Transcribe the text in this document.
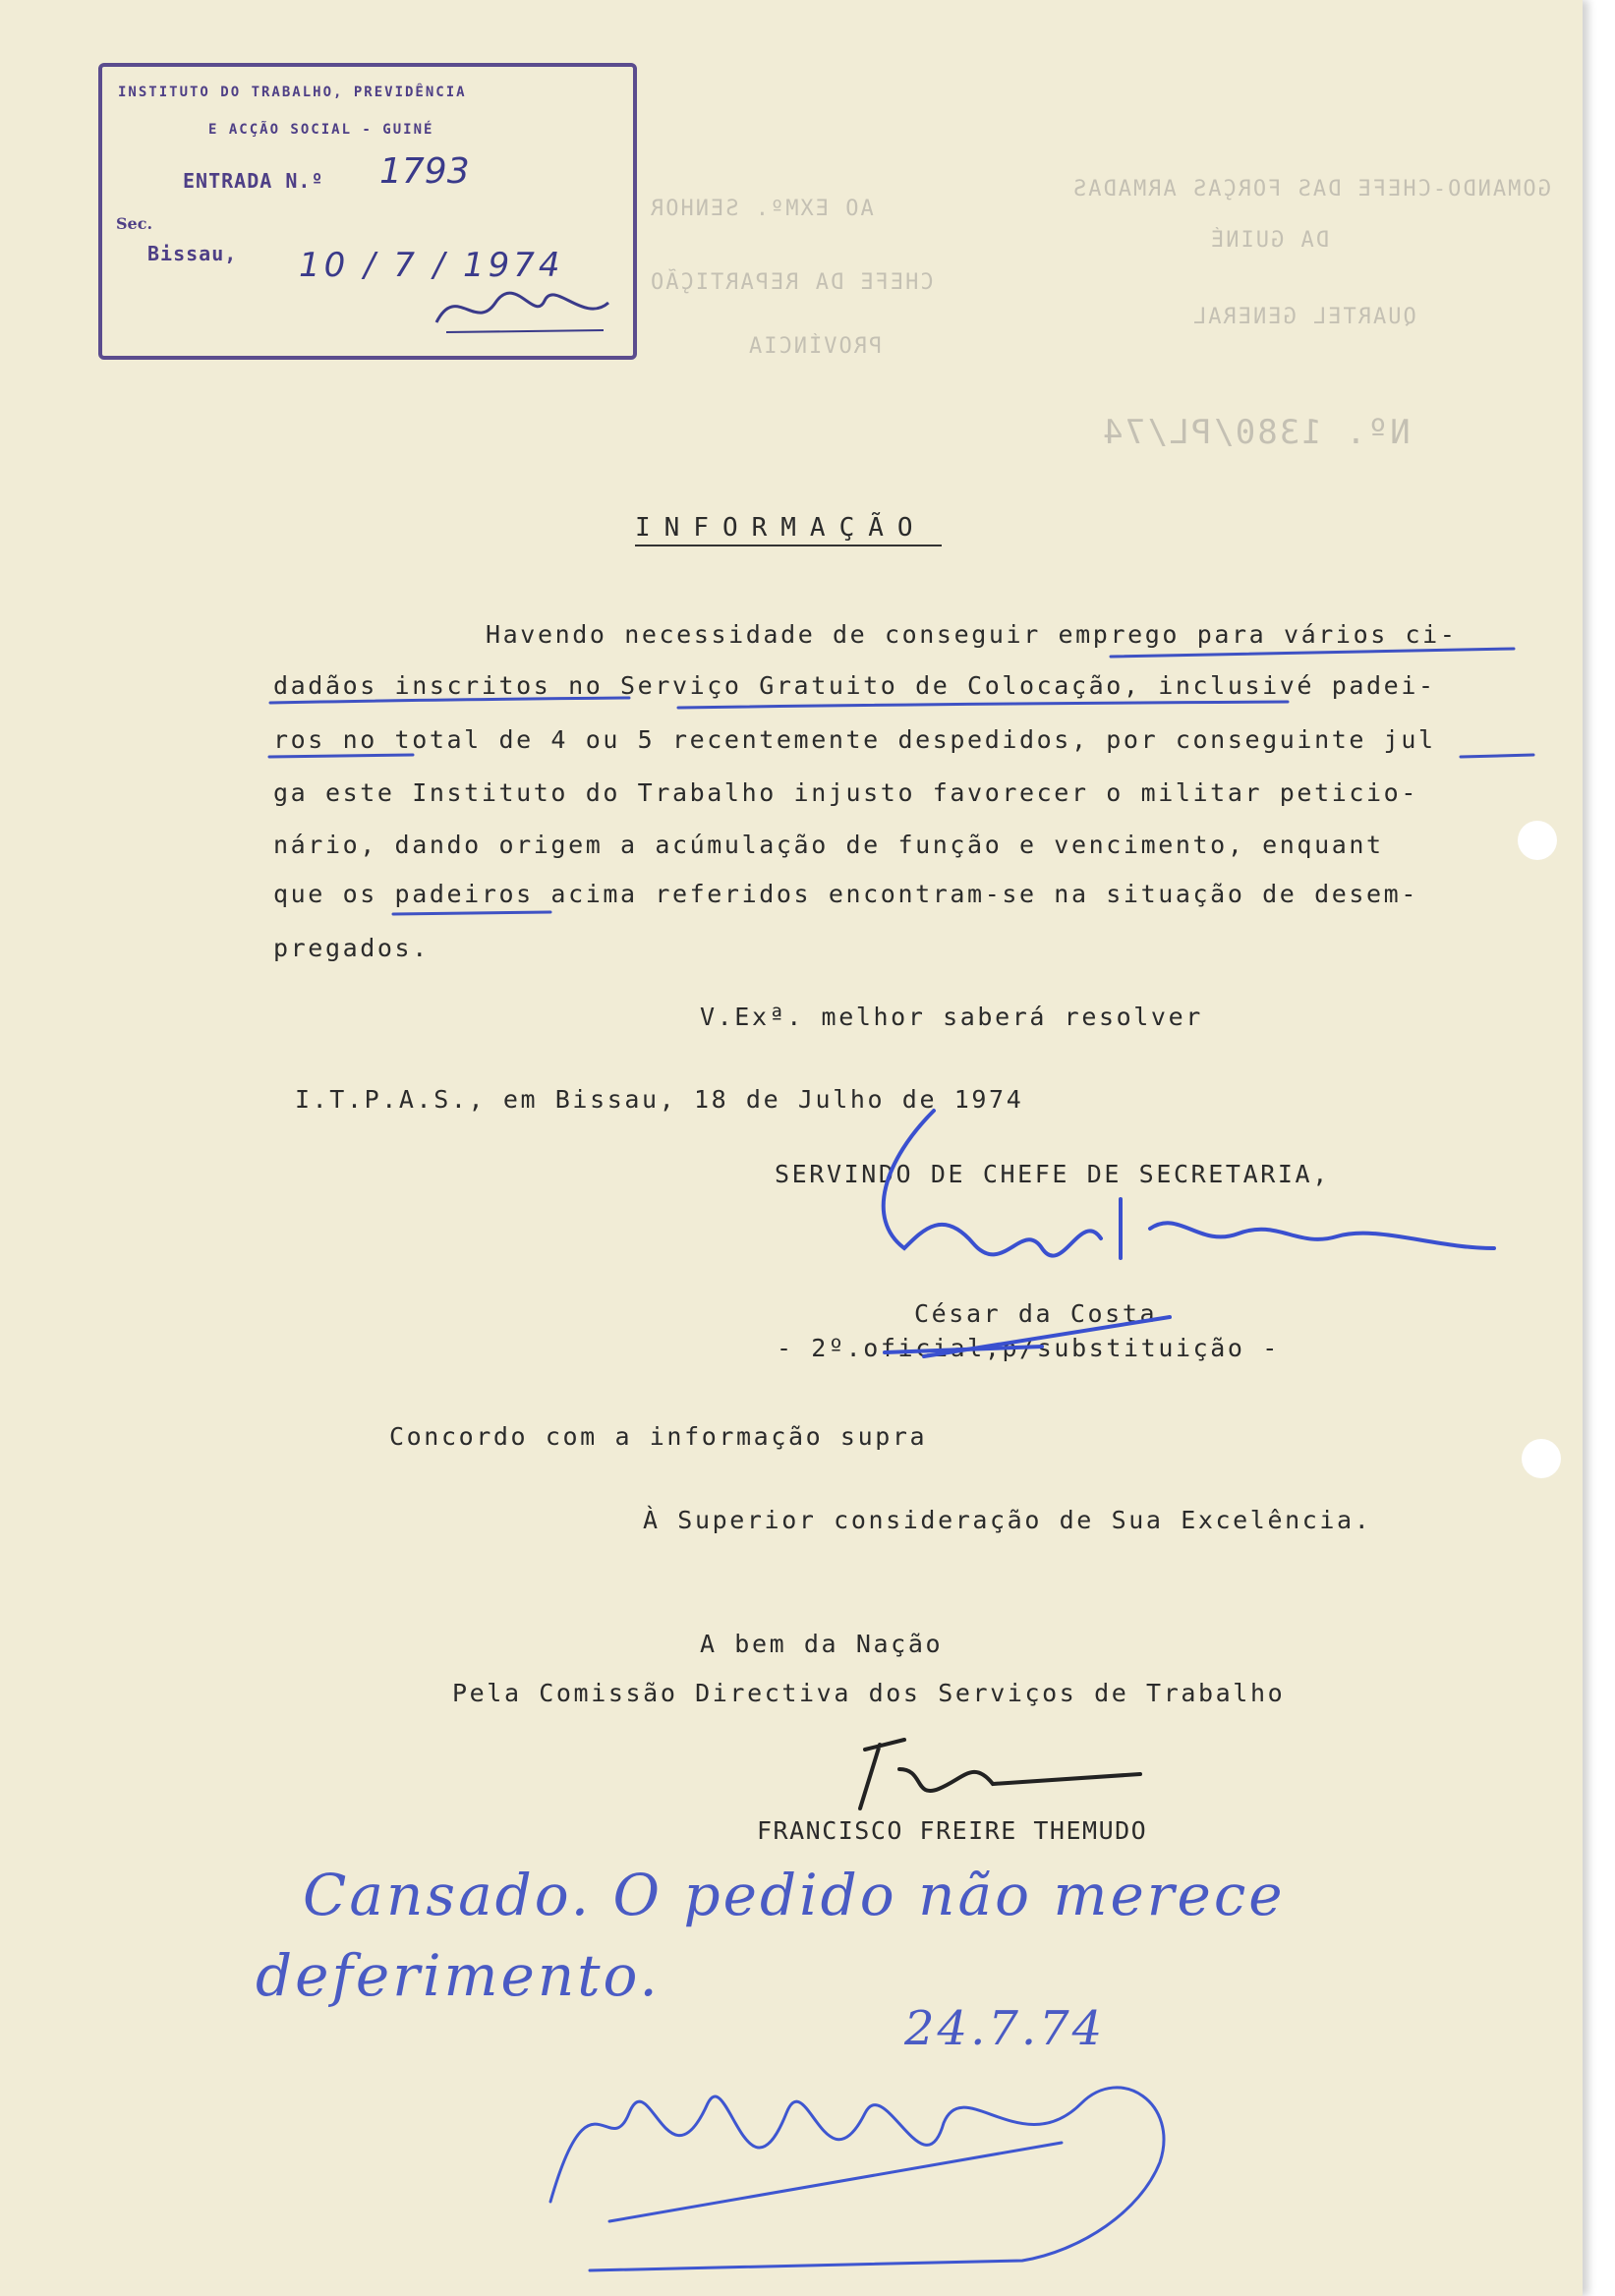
GOMANDO-CHEFE DAS FORÇAS ARMADAS
DA GUINÉ
QUARTEL GENERAL
Nº. 1380/PL/74
AO EXMº. SENHOR
CHEFE DA REPARTIÇÃO
PROVÍNCIA
INSTITUTO DO TRABALHO, PREVIDÊNCIA
E ACÇÃO SOCIAL - GUINÉ
ENTRADA N.º 1793
Sec.
Bissau, 10 / 7 / 1974
INFORMAÇÃO
Havendo necessidade de conseguir emprego para vários ci-
dadãos inscritos no Serviço Gratuito de Colocação, inclusivé padei-
ros no total de 4 ou 5 recentemente despedidos, por conseguinte jul
ga este Instituto do Trabalho injusto favorecer o militar peticio-
nário, dando origem a acúmulação de função e vencimento, enquant
que os padeiros acima referidos encontram-se na situação de desem-
pregados.
V.Exª. melhor saberá resolver
I.T.P.A.S., em Bissau, 18 de Julho de 1974
SERVINDO DE CHEFE DE SECRETARIA,
César da Costa
- 2º.oficial,p/substituição -
Concordo com a informação supra
À Superior consideração de Sua Excelência.
A bem da Nação
Pela Comissão Directiva dos Serviços de Trabalho
FRANCISCO FREIRE THEMUDO
Cansado. O pedido não merece
deferimento.
24.7.74
